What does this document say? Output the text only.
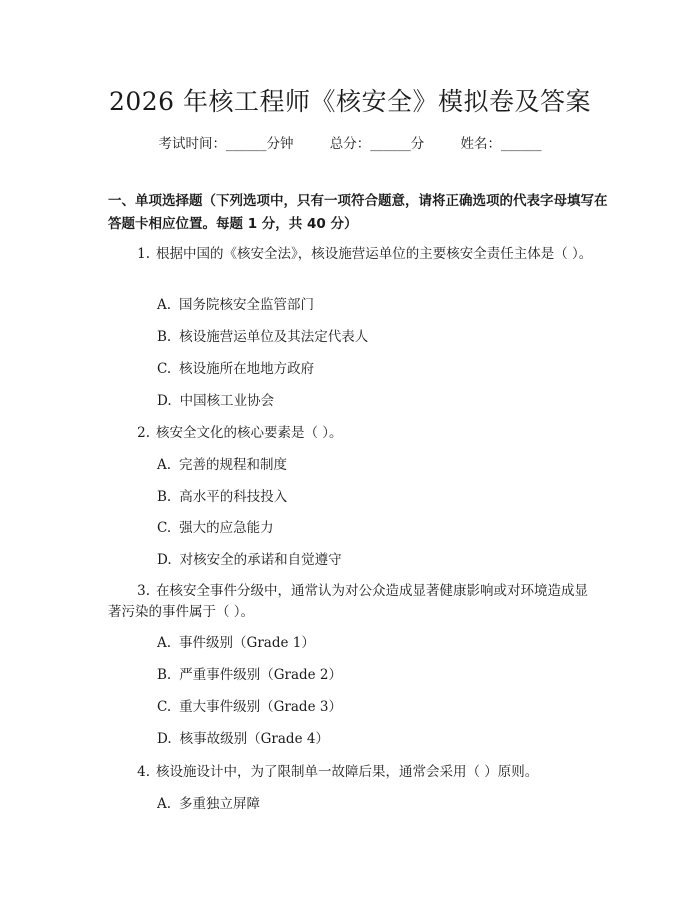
2026 年核工程师《核安全》模拟卷及答案
考试时间：______分钟	总分：______分	姓名：______
一、单项选择题（下列选项中，只有一项符合题意，请将正确选项的代表字母填写在答题卡相应位置。每题 1 分，共 40 分）
1. 根据中国的《核安全法》，核设施营运单位的主要核安全责任主体是（ ）。
A. 国务院核安全监管部门
B. 核设施营运单位及其法定代表人
C. 核设施所在地地方政府
D. 中国核工业协会
2. 核安全文化的核心要素是（ ）。
A. 完善的规程和制度
B. 高水平的科技投入
C. 强大的应急能力
D. 对核安全的承诺和自觉遵守
3. 在核安全事件分级中，通常认为对公众造成显著健康影响或对环境造成显著污染的事件属于（ ）。
A. 事件级别（Grade 1）
B. 严重事件级别（Grade 2）
C. 重大事件级别（Grade 3）
D. 核事故级别（Grade 4）
4. 核设施设计中，为了限制单一故障后果，通常会采用（ ）原则。
A. 多重独立屏障
